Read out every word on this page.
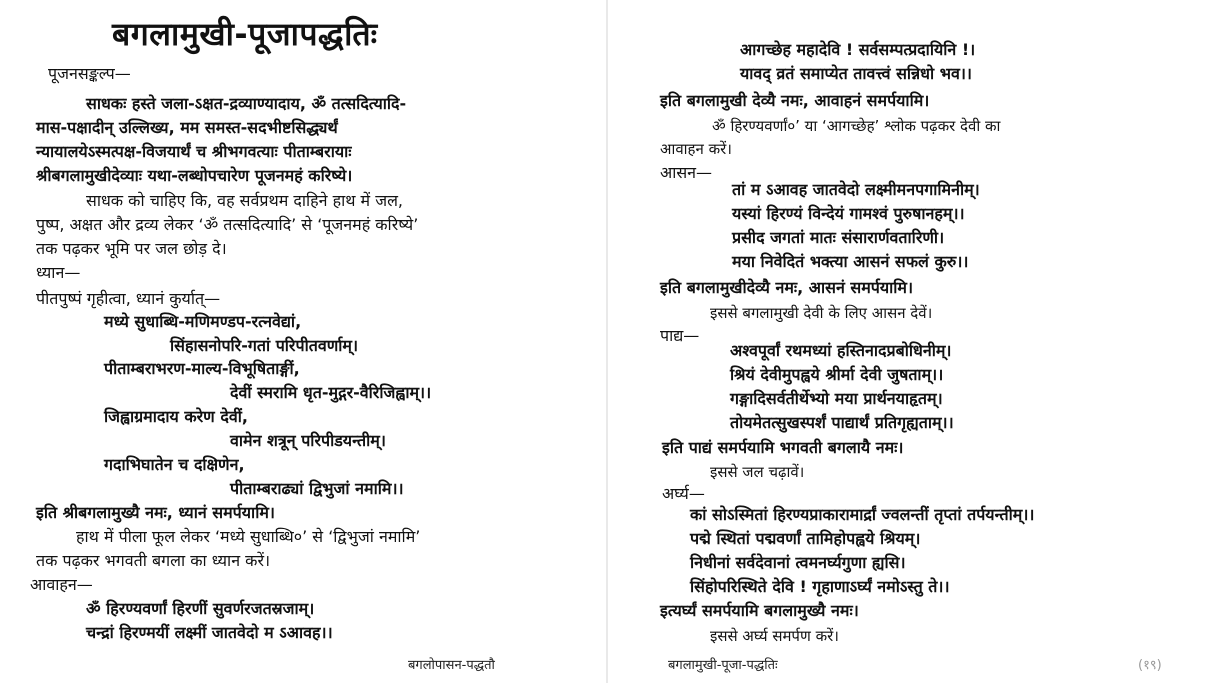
बगलामुखी-पूजापद्धतिः
पूजनसङ्कल्प—
साधकः हस्ते जला-ऽक्षत-द्रव्याण्यादाय, ॐ तत्सदित्यादि-
मास-पक्षादीन् उल्लिख्य, मम समस्त-सदभीष्टसिद्ध्यर्थं
न्यायालयेऽस्मत्पक्ष-विजयार्थं च श्रीभगवत्याः पीताम्बरायाः
श्रीबगलामुखीदेव्याः यथा-लब्धोपचारेण पूजनमहं करिष्ये।
साधक को चाहिए कि, वह सर्वप्रथम दाहिने हाथ में जल,
पुष्प, अक्षत और द्रव्य लेकर ‘ॐ तत्सदित्यादि’ से ‘पूजनमहं करिष्ये’
तक पढ़कर भूमि पर जल छोड़ दे।
ध्यान—
पीतपुष्पं गृहीत्वा, ध्यानं कुर्यात्—
मध्ये सुधाब्धि-मणिमण्डप-रत्नवेद्यां,
सिंहासनोपरि-गतां परिपीतवर्णाम्।
पीताम्बराभरण-माल्य-विभूषिताङ्गीं,
देवीं स्मरामि धृत-मुद्गर-वैरिजिह्वाम्।।
जिह्वाग्रमादाय करेण देवीं,
वामेन शत्रून् परिपीडयन्तीम्।
गदाभिघातेन च दक्षिणेन,
पीताम्बराढ्यां द्विभुजां नमामि।।
इति श्रीबगलामुख्यै नमः, ध्यानं समर्पयामि।
हाथ में पीला फूल लेकर ‘मध्ये सुधाब्धि०’ से ‘द्विभुजां नमामि’
तक पढ़कर भगवती बगला का ध्यान करें।
आवाहन—
ॐ हिरण्यवर्णां हिरणीं सुवर्णरजतस्रजाम्।
चन्द्रां हिरण्मयीं लक्ष्मीं जातवेदो म ऽआवह।।
बगलोपासन-पद्धतौ
आगच्छेह महादेवि ! सर्वसम्पत्प्रदायिनि !।
यावद् व्रतं समाप्येत तावत्त्वं सन्निधो भव।।
इति बगलामुखी देव्यै नमः, आवाहनं समर्पयामि।
ॐ हिरण्यवर्णां०’ या ‘आगच्छेह’ श्लोक पढ़कर देवी का
आवाहन करें।
आसन—
तां म ऽआवह जातवेदो लक्ष्मीमनपगामिनीम्।
यस्यां हिरण्यं विन्देयं गामश्वं पुरुषानहम्।।
प्रसीद जगतां मातः संसारार्णवतारिणी।
मया निवेदितं भक्त्या आसनं सफलं कुरु।।
इति बगलामुखीदेव्यै नमः, आसनं समर्पयामि।
इससे बगलामुखी देवी के लिए आसन देवें।
पाद्य—
अश्वपूर्वां रथमध्यां हस्तिनादप्रबोधिनीम्।
श्रियं देवीमुपह्वये श्रीर्मा देवी जुषताम्।।
गङ्गादिसर्वतीर्थेभ्यो मया प्रार्थनयाहृतम्।
तोयमेतत्सुखस्पर्शं पाद्यार्थं प्रतिगृह्यताम्।।
इति पाद्यं समर्पयामि भगवती बगलायै नमः।
इससे जल चढ़ावें।
अर्घ्य—
कां सोऽस्मितां हिरण्यप्राकारामार्द्रां ज्वलन्तीं तृप्तां तर्पयन्तीम्।।
पद्मे स्थितां पद्मवर्णां तामिहोपह्वये श्रियम्।
निधीनां सर्वदेवानां त्वमनर्घ्यगुणा ह्यसि।
सिंहोपरिस्थिते देवि ! गृहाणाऽर्घ्यं नमोऽस्तु ते।।
इत्यर्घ्यं समर्पयामि बगलामुख्यै नमः।
इससे अर्घ्य समर्पण करें।
बगलामुखी-पूजा-पद्धतिः	(१९)
